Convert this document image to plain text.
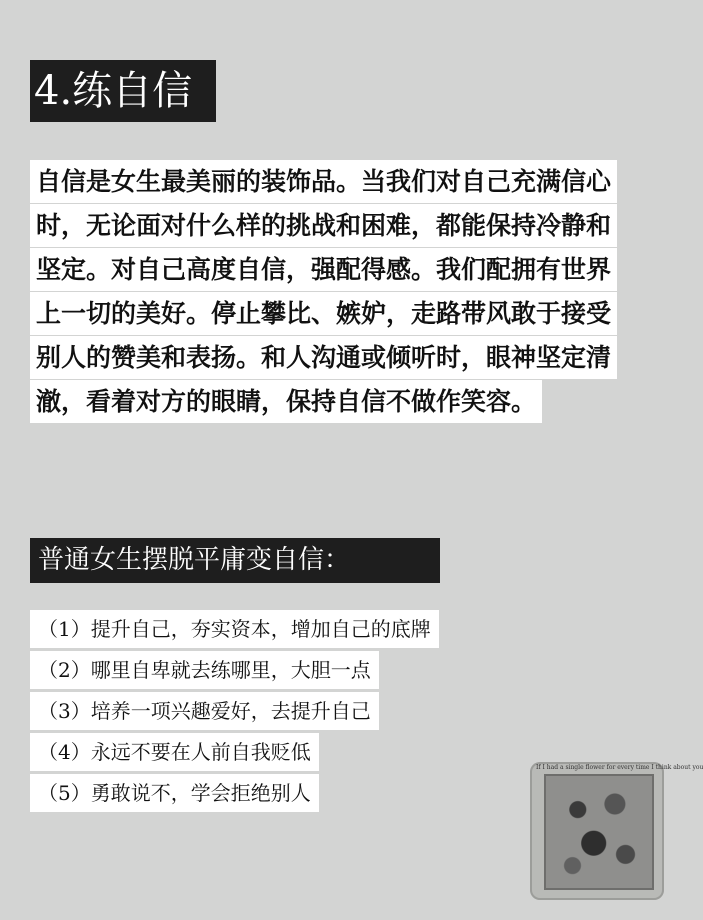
4.练自信
自信是女生最美丽的装饰品。当我们对自己充满信心
时，无论面对什么样的挑战和困难，都能保持冷静和
坚定。对自己高度自信，强配得感。我们配拥有世界
上一切的美好。停止攀比、嫉妒，走路带风敢于接受
别人的赞美和表扬。和人沟通或倾听时，眼神坚定清
澈，看着对方的眼睛，保持自信不做作笑容。
普通女生摆脱平庸变自信：
（1）提升自己，夯实资本，增加自己的底牌
（2）哪里自卑就去练哪里，大胆一点
（3）培养一项兴趣爱好，去提升自己
（4）永远不要在人前自我贬低
（5）勇敢说不，学会拒绝别人
If I had a single flower for every time I think about you
